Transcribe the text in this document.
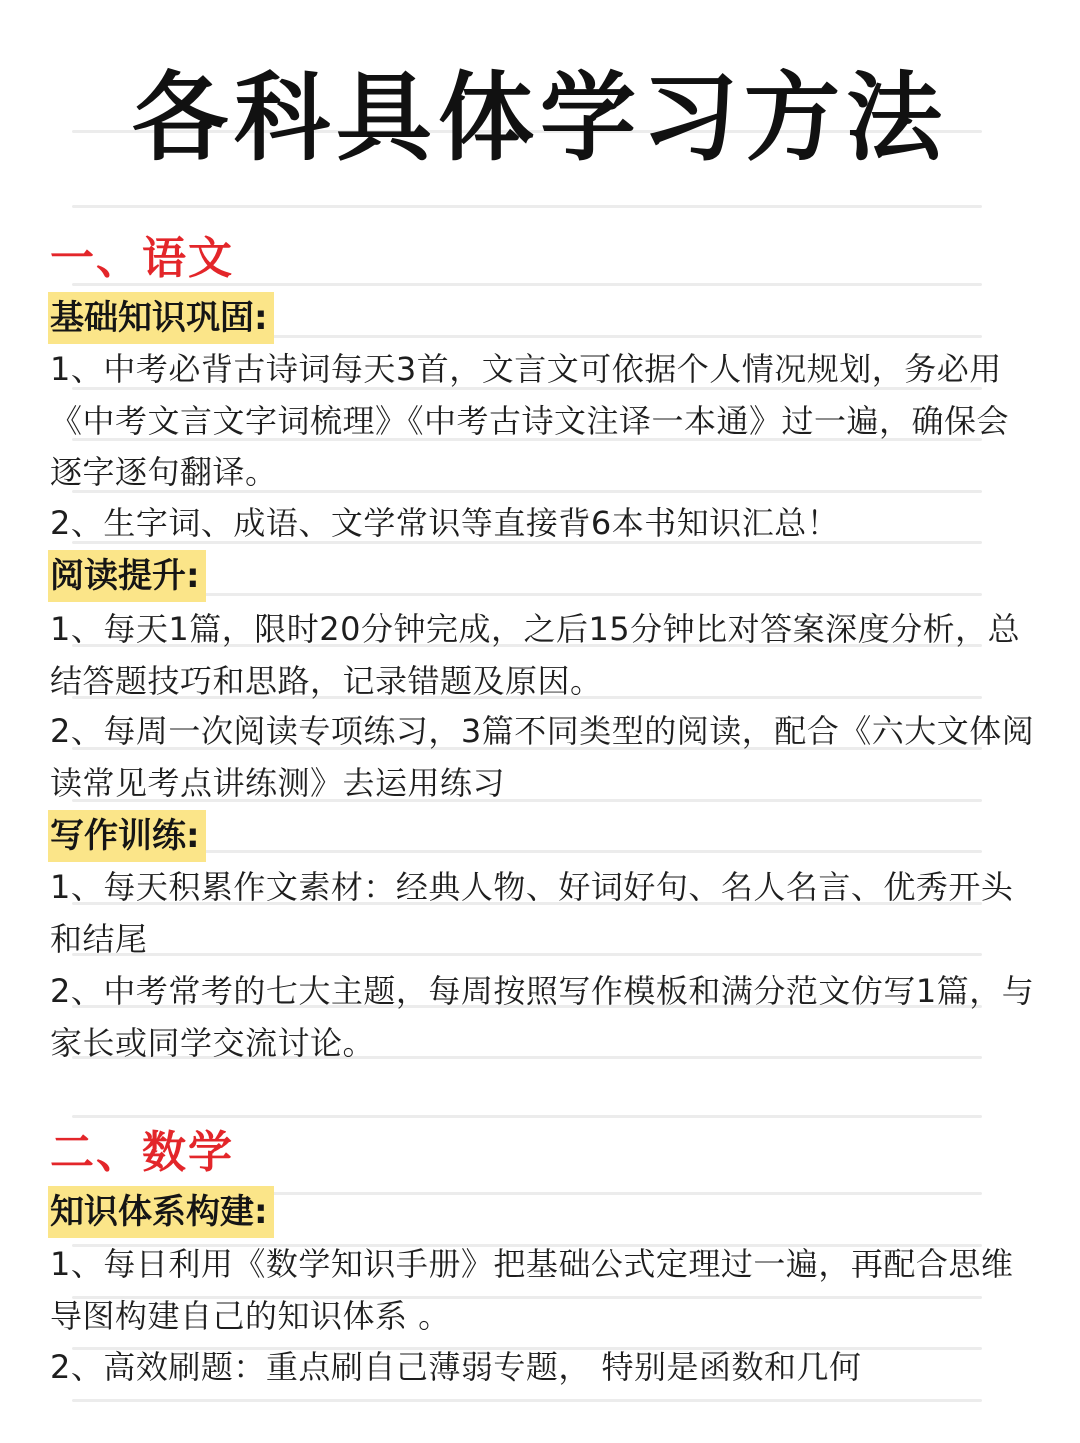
各科具体学习方法
一、语文
基础知识巩固:

1、中考必背古诗词每天3首，文言文可依据个人情况规划，务必用《中考文言文字词梳理》《中考古诗文注译一本通》过一遍，确保会逐字逐句翻译。

2、生字词、成语、文学常识等直接背6本书知识汇总！

阅读提升:

1、每天1篇，限时20分钟完成，之后15分钟比对答案深度分析，总结答题技巧和思路，记录错题及原因。

2、每周一次阅读专项练习，3篇不同类型的阅读，配合《六大文体阅读常见考点讲练测》去运用练习

写作训练:

1、每天积累作文素材：经典人物、好词好句、名人名言、优秀开头和结尾

2、中考常考的七大主题，每周按照写作模板和满分范文仿写1篇，与家长或同学交流讨论。

二、数学
知识体系构建:

1、每日利用《数学知识手册》把基础公式定理过一遍，再配合思维导图构建自己的知识体系 。

2、高效刷题：重点刷自己薄弱专题， 特别是函数和几何
